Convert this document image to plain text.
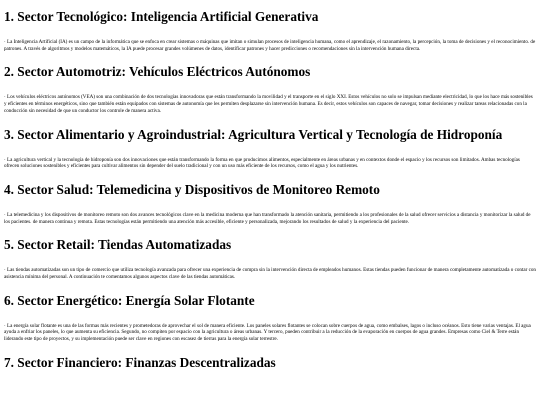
1. Sector Tecnológico: Inteligencia Artificial Generativa

· La Inteligencia Artificial (IA) es un campo de la informática que se enfoca en crear sistemas o máquinas que imitan o simulan procesos de inteligencia humana, como el aprendizaje, el razonamiento, la percepción, la toma de decisiones y el reconocimiento. de patrones. A través de algoritmos y modelos matemáticos, la IA puede procesar grandes volúmenes de datos, identificar patrones y hacer predicciones o recomendaciones sin la intervención humana directa.

2. Sector Automotriz: Vehículos Eléctricos Autónomos

· Los vehículos eléctricos autónomos (VEA) son una combinación de dos tecnologías innovadoras que están transformando la movilidad y el transporte en el siglo XXI. Estos vehículos no solo se impulsan mediante electricidad, lo que los hace más sostenibles y eficientes en términos energéticos, sino que también están equipados con sistemas de autonomía que les permiten desplazarse sin intervención humana. Es decir, estos vehículos son capaces de navegar, tomar decisiones y realizar tareas relacionadas con la conducción sin necesidad de que un conductor los controle de manera activa.

3. Sector Alimentario y Agroindustrial: Agricultura Vertical y Tecnología de Hidroponía

· La agricultura vertical y la tecnología de hidroponía son dos innovaciones que están transformando la forma en que producimos alimentos, especialmente en áreas urbanas y en contextos donde el espacio y los recursos son limitados. Ambas tecnologías ofrecen soluciones sostenibles y eficientes para cultivar alimentos sin depender del suelo tradicional y con un uso más eficiente de los recursos, como el agua y los nutrientes.

4. Sector Salud: Telemedicina y Dispositivos de Monitoreo Remoto

· La telemedicina y los dispositivos de monitoreo remoto son dos avances tecnológicos clave en la medicina moderna que han transformado la atención sanitaria, permitiendo a los profesionales de la salud ofrecer servicios a distancia y monitorizar la salud de los pacientes. de manera continua y remota. Estas tecnologías están permitiendo una atención más accesible, eficiente y personalizada, mejorando los resultados de salud y la experiencia del paciente.

5. Sector Retail: Tiendas Automatizadas

· Las tiendas automatizadas son un tipo de comercio que utiliza tecnología avanzada para ofrecer una experiencia de compra sin la intervención directa de empleados humanos. Estas tiendas pueden funcionar de manera completamente automatizada o contar con asistencia mínima del personal. A continuación te comentamos algunos aspectos clave de las tiendas automáticas.

6. Sector Energético: Energía Solar Flotante

· La energía solar flotante es una de las formas más recientes y prometedoras de aprovechar el sol de manera eficiente. Los paneles solares flotantes se colocan sobre cuerpos de agua, como embalses, lagos o incluso océanos. Esto tiene varias ventajas. El agua ayuda a enfriar los paneles, lo que aumenta su eficiencia. Segundo, no compiten por espacio con la agricultura o áreas urbanas. Y tercero, pueden contribuir a la reducción de la evaporación en cuerpos de agua grandes. Empresas como Ciel & Terre están liderando este tipo de proyectos, y su implementación puede ser clave en regiones con escasez de tierras para la energía solar terrestre.

7. Sector Financiero: Finanzas Descentralizadas
